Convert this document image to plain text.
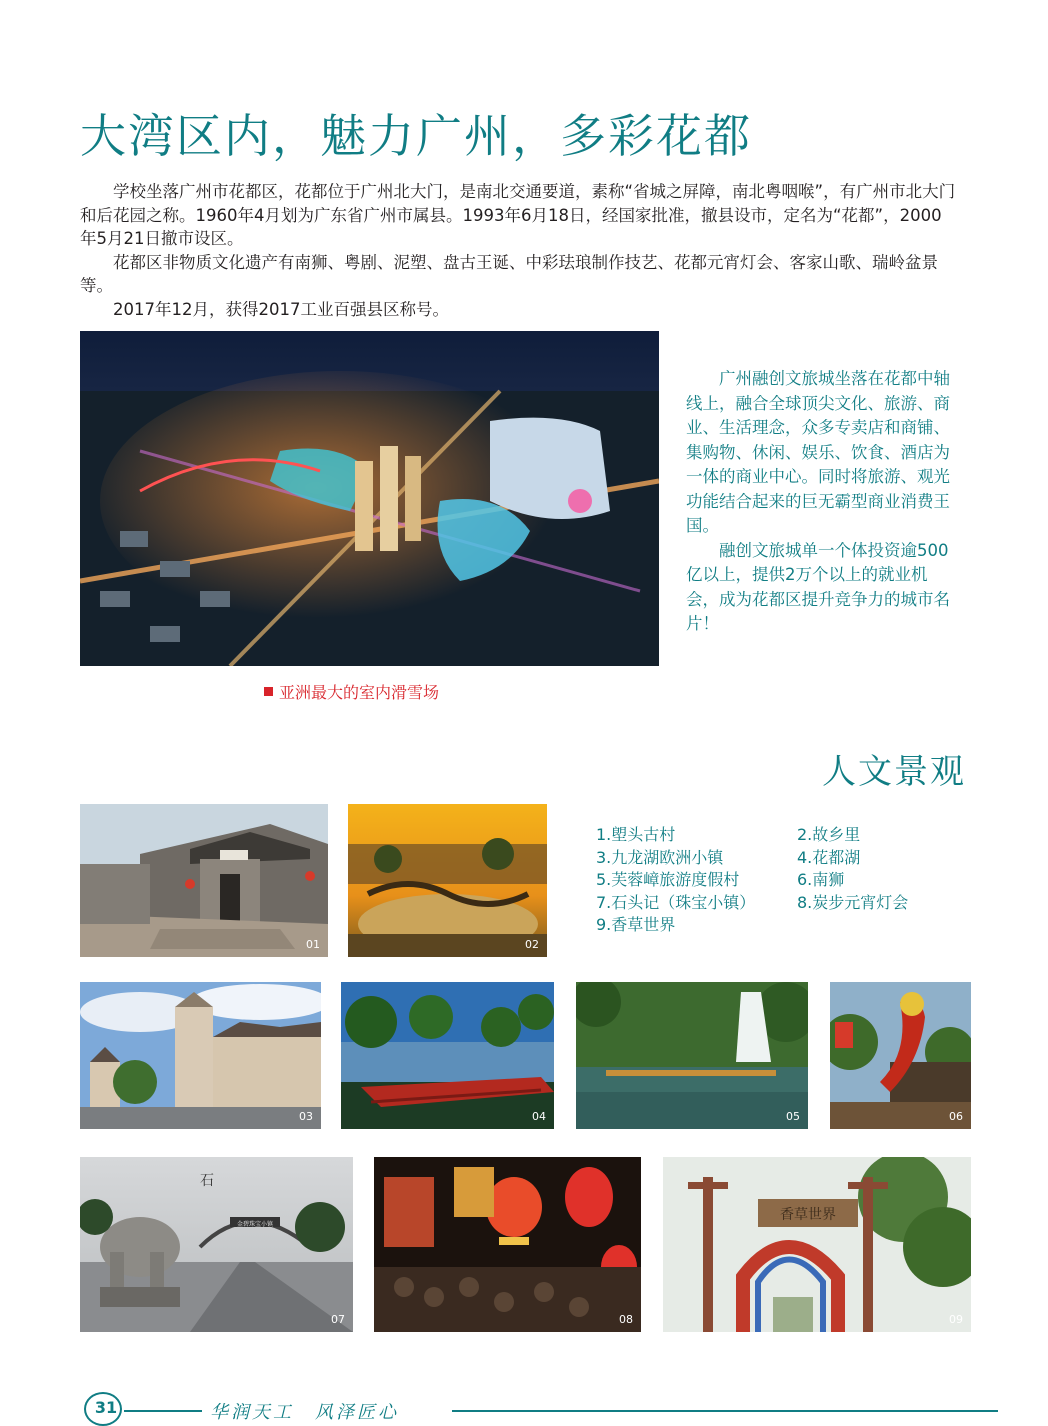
大湾区内，魅力广州，多彩花都

学校坐落广州市花都区，花都位于广州北大门，是南北交通要道，素称“省城之屏障，南北粤咽喉”，有广州市北大门和后花园之称。1960年4月划为广东省广州市属县。1993年6月18日，经国家批准，撤县设市，定名为“花都”，2000年5月21日撤市设区。

花都区非物质文化遗产有南狮、粤剧、泥塑、盘古王诞、中彩珐琅制作技艺、花都元宵灯会、客家山歌、瑞岭盆景等。

2017年12月，获得2017工业百强县区称号。

亚洲最大的室内滑雪场

广州融创文旅城坐落在花都中轴线上，融合全球顶尖文化、旅游、商业、生活理念，众多专卖店和商铺、集购物、休闲、娱乐、饮食、酒店为一体的商业中心。同时将旅游、观光功能结合起来的巨无霸型商业消费王国。

融创文旅城单一个体投资逾500亿以上，提供2万个以上的就业机会，成为花都区提升竞争力的城市名片！

人文景观
1.塱头古村	2.故乡里
3.九龙湖欧洲小镇	4.花都湖
5.芙蓉嶂旅游度假村	6.南狮
7.石头记（珠宝小镇）	8.炭步元宵灯会
9.香草世界
01	02
03	04	05	06
石
金碧珠宝小镇
07	08
香草世界
09
31	华润天工　风泽匠心
